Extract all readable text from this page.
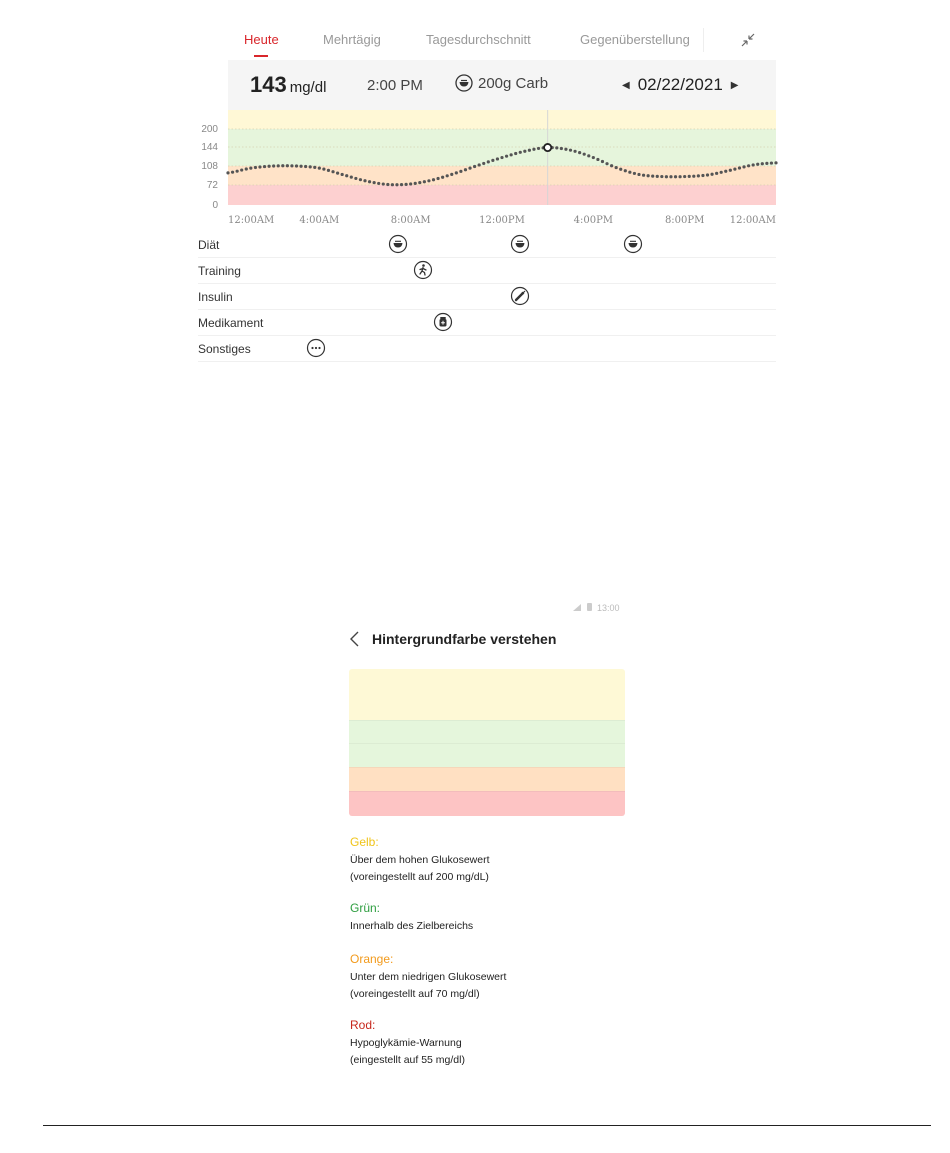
Heute	Mehrtägig	Tagesdurchschnitt	Gegenüberstellung
143 mg/dl	2:00 PM	200g Carb	◀ 02/22/2021 ▶
200
144
108
72
0
12:00AM	4:00AM	8:00AM	12:00PM	4:00PM	8:00PM	12:00AM
Diät
Training
Insulin
Medikament
Sonstiges
13:00
Hintergrundfarbe verstehen

Gelb:

Über dem hohen Glukosewert
(voreingestellt auf 200 mg/dL)

Grün:

Innerhalb des Zielbereichs

Orange:

Unter dem niedrigen Glukosewert
(voreingestellt auf 70 mg/dl)

Rod:

Hypoglykämie-Warnung
(eingestellt auf 55 mg/dl)
